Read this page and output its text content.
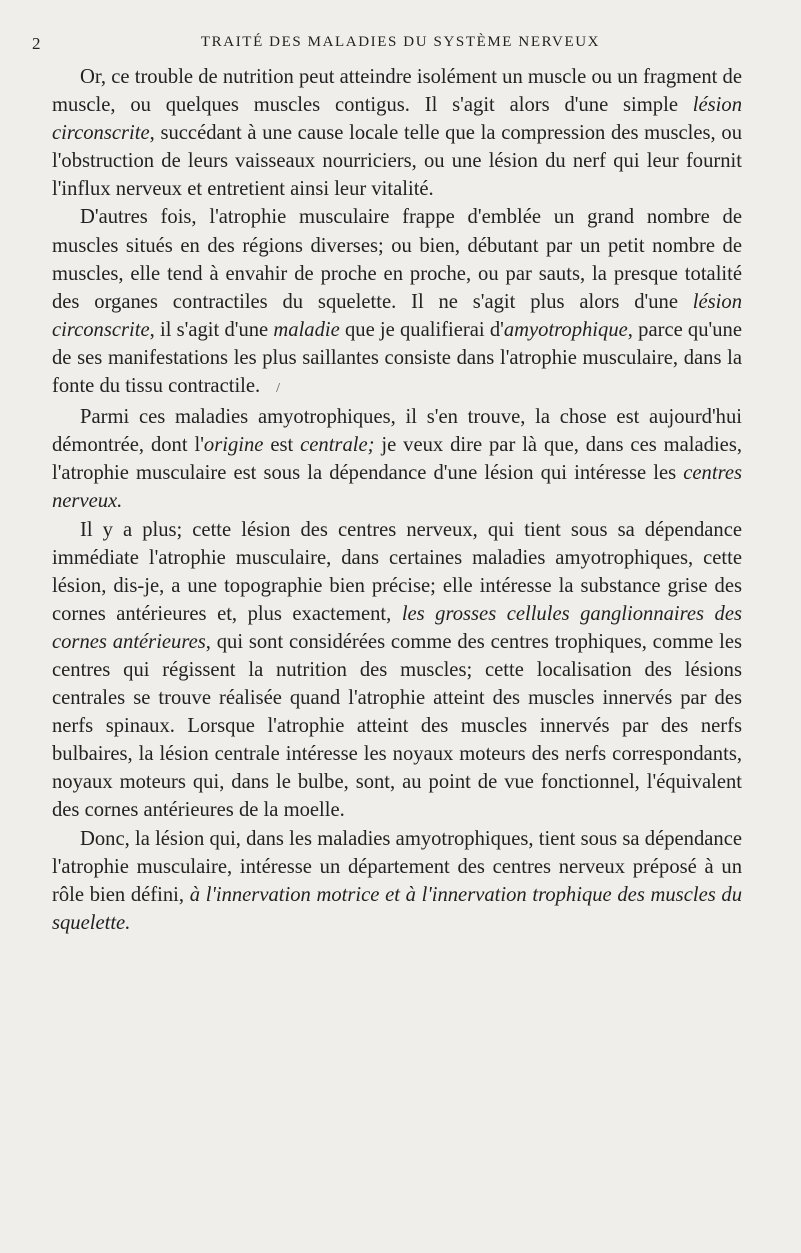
2	TRAITÉ DES MALADIES DU SYSTÈME NERVEUX

Or, ce trouble de nutrition peut atteindre isolément un muscle ou un fragment de muscle, ou quelques muscles contigus. Il s'agit alors d'une simple lésion circonscrite, succédant à une cause locale telle que la compression des muscles, ou l'obstruction de leurs vaisseaux nourriciers, ou une lésion du nerf qui leur fournit l'influx nerveux et entretient ainsi leur vitalité.

D'autres fois, l'atrophie musculaire frappe d'emblée un grand nombre de muscles situés en des régions diverses; ou bien, débutant par un petit nombre de muscles, elle tend à envahir de proche en proche, ou par sauts, la presque totalité des organes contractiles du squelette. Il ne s'agit plus alors d'une lésion circonscrite, il s'agit d'une maladie que je qualifierai d'amyotrophique, parce qu'une de ses manifestations les plus saillantes consiste dans l'atrophie musculaire, dans la fonte du tissu contractile. /

Parmi ces maladies amyotrophiques, il s'en trouve, la chose est aujourd'hui démontrée, dont l'origine est centrale; je veux dire par là que, dans ces maladies, l'atrophie musculaire est sous la dépendance d'une lésion qui intéresse les centres nerveux.

Il y a plus; cette lésion des centres nerveux, qui tient sous sa dépendance immédiate l'atrophie musculaire, dans certaines maladies amyotrophiques, cette lésion, dis-je, a une topographie bien précise; elle intéresse la substance grise des cornes antérieures et, plus exactement, les grosses cellules ganglionnaires des cornes antérieures, qui sont considérées comme des centres trophiques, comme les centres qui régissent la nutrition des muscles; cette localisation des lésions centrales se trouve réalisée quand l'atrophie atteint des muscles innervés par des nerfs spinaux. Lorsque l'atrophie atteint des muscles innervés par des nerfs bulbaires, la lésion centrale intéresse les noyaux moteurs des nerfs correspondants, noyaux moteurs qui, dans le bulbe, sont, au point de vue fonctionnel, l'équivalent des cornes antérieures de la moelle.

Donc, la lésion qui, dans les maladies amyotrophiques, tient sous sa dépendance l'atrophie musculaire, intéresse un département des centres nerveux préposé à un rôle bien défini, à l'innervation motrice et à l'innervation trophique des muscles du squelette.
